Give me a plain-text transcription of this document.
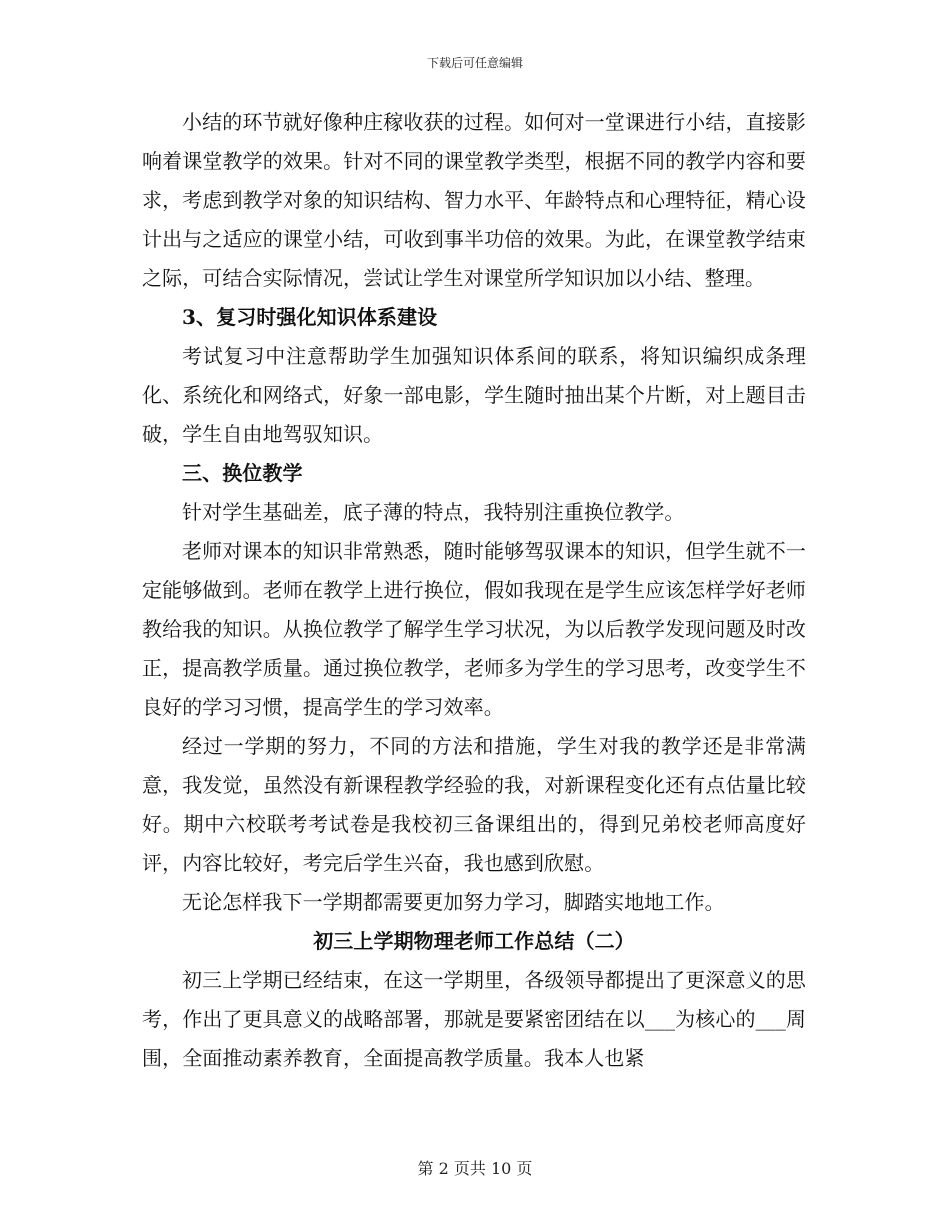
下载后可任意编辑

小结的环节就好像种庄稼收获的过程。如何对一堂课进行小结，直接影响着课堂教学的效果。针对不同的课堂教学类型，根据不同的教学内容和要求，考虑到教学对象的知识结构、智力水平、年龄特点和心理特征，精心设计出与之适应的课堂小结，可收到事半功倍的效果。为此，在课堂教学结束之际，可结合实际情况，尝试让学生对课堂所学知识加以小结、整理。

3、复习时强化知识体系建设

考试复习中注意帮助学生加强知识体系间的联系，将知识编织成条理化、系统化和网络式，好象一部电影，学生随时抽出某个片断，对上题目击破，学生自由地驾驭知识。

三、换位教学

针对学生基础差，底子薄的特点，我特别注重换位教学。

老师对课本的知识非常熟悉，随时能够驾驭课本的知识，但学生就不一定能够做到。老师在教学上进行换位，假如我现在是学生应该怎样学好老师教给我的知识。从换位教学了解学生学习状况，为以后教学发现问题及时改正，提高教学质量。通过换位教学，老师多为学生的学习思考，改变学生不良好的学习习惯，提高学生的学习效率。

经过一学期的努力，不同的方法和措施，学生对我的教学还是非常满意，我发觉，虽然没有新课程教学经验的我，对新课程变化还有点估量比较好。期中六校联考考试卷是我校初三备课组出的，得到兄弟校老师高度好评，内容比较好，考完后学生兴奋，我也感到欣慰。

无论怎样我下一学期都需要更加努力学习，脚踏实地地工作。

初三上学期物理老师工作总结（二）

初三上学期已经结束，在这一学期里，各级领导都提出了更深意义的思考，作出了更具意义的战略部署，那就是要紧密团结在以___为核心的___周围，全面推动素养教育，全面提高教学质量。我本人也紧

第 2 页共 10 页
